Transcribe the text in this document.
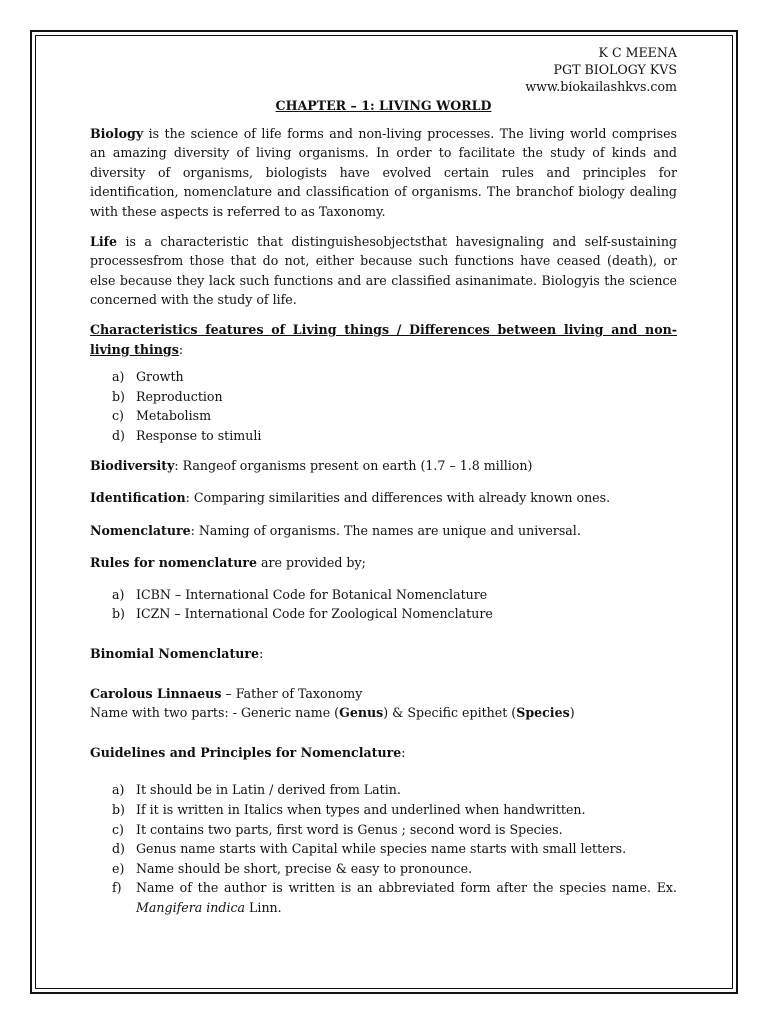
K C MEENA
PGT BIOLOGY KVS
www.biokailashkvs.com
CHAPTER – 1: LIVING WORLD

Biology is the science of life forms and non-living processes. The living world comprises an amazing diversity of living organisms. In order to facilitate the study of kinds and diversity of organisms, biologists have evolved certain rules and principles for identification, nomenclature and classification of organisms. The branchof biology dealing with these aspects is referred to as Taxonomy.

Life is a characteristic that distinguishesobjectsthat havesignaling and self-sustaining processesfrom those that do not, either because such functions have ceased (death), or else because they lack such functions and are classified asinanimate. Biologyis the science concerned with the study of life.

Characteristics features of Living things / Differences between living and non-living things:

a) Growth
b) Reproduction
c) Metabolism
d) Response to stimuli

Biodiversity: Rangeof organisms present on earth (1.7 – 1.8 million)

Identification: Comparing similarities and differences with already known ones.

Nomenclature: Naming of organisms. The names are unique and universal.

Rules for nomenclature are provided by;

a) ICBN – International Code for Botanical Nomenclature
b) ICZN – International Code for Zoological Nomenclature

Binomial Nomenclature:

Carolous Linnaeus – Father of Taxonomy
Name with two parts: - Generic name (Genus) & Specific epithet (Species)

Guidelines and Principles for Nomenclature:

a) It should be in Latin / derived from Latin.
b) If it is written in Italics when types and underlined when handwritten.
c) It contains two parts, first word is Genus ; second word is Species.
d) Genus name starts with Capital while species name starts with small letters.
e) Name should be short, precise & easy to pronounce.
f) Name of the author is written is an abbreviated form after the species name. Ex. Mangifera indica Linn.
